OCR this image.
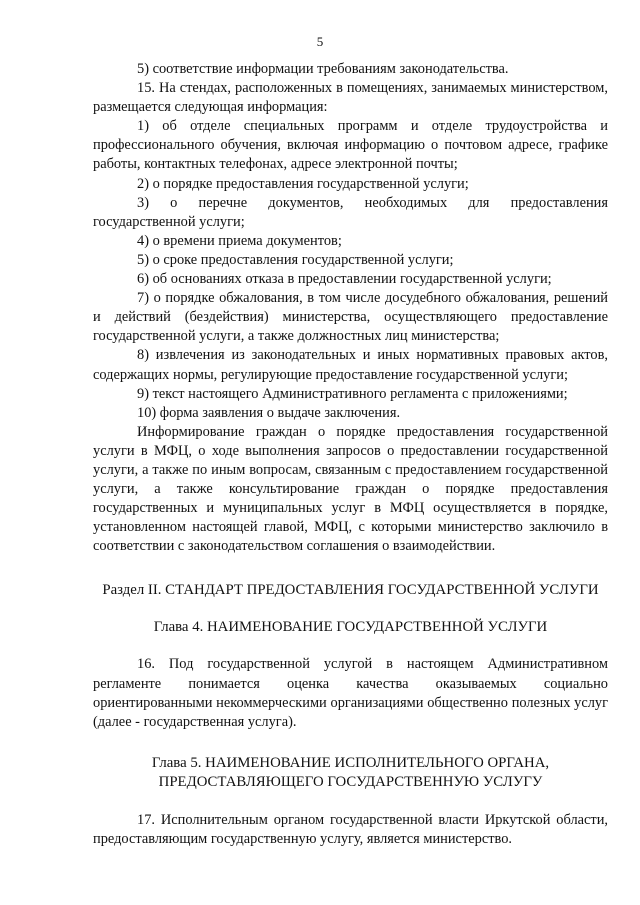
5

5) соответствие информации требованиям законодательства.

15. На стендах, расположенных в помещениях, занимаемых министерством, размещается следующая информация:

1) об отделе специальных программ и отделе трудоустройства и профессионального обучения, включая информацию о почтовом адресе, графике работы, контактных телефонах, адресе электронной почты;

2) о порядке предоставления государственной услуги;

3) о перечне документов, необходимых для предоставления государственной услуги;

4) о времени приема документов;

5) о сроке предоставления государственной услуги;

6) об основаниях отказа в предоставлении государственной услуги;

7) о порядке обжалования, в том числе досудебного обжалования, решений и действий (бездействия) министерства, осуществляющего предоставление государственной услуги, а также должностных лиц министерства;

8) извлечения из законодательных и иных нормативных правовых актов, содержащих нормы, регулирующие предоставление государственной услуги;

9) текст настоящего Административного регламента с приложениями;

10) форма заявления о выдаче заключения.

Информирование граждан о порядке предоставления государственной услуги в МФЦ, о ходе выполнения запросов о предоставлении государственной услуги, а также по иным вопросам, связанным с предоставлением государственной услуги, а также консультирование граждан о порядке предоставления государственных и муниципальных услуг в МФЦ осуществляется в порядке, установленном настоящей главой, МФЦ, с которыми министерство заключило в соответствии с законодательством соглашения о взаимодействии.

Раздел II. СТАНДАРТ ПРЕДОСТАВЛЕНИЯ ГОСУДАРСТВЕННОЙ УСЛУГИ

Глава 4. НАИМЕНОВАНИЕ ГОСУДАРСТВЕННОЙ УСЛУГИ

16. Под государственной услугой в настоящем Административном регламенте понимается оценка качества оказываемых социально ориентированными некоммерческими организациями общественно полезных услуг (далее - государственная услуга).

Глава 5. НАИМЕНОВАНИЕ ИСПОЛНИТЕЛЬНОГО ОРГАНА,

ПРЕДОСТАВЛЯЮЩЕГО ГОСУДАРСТВЕННУЮ УСЛУГУ

17. Исполнительным органом государственной власти Иркутской области, предоставляющим государственную услугу, является министерство.
